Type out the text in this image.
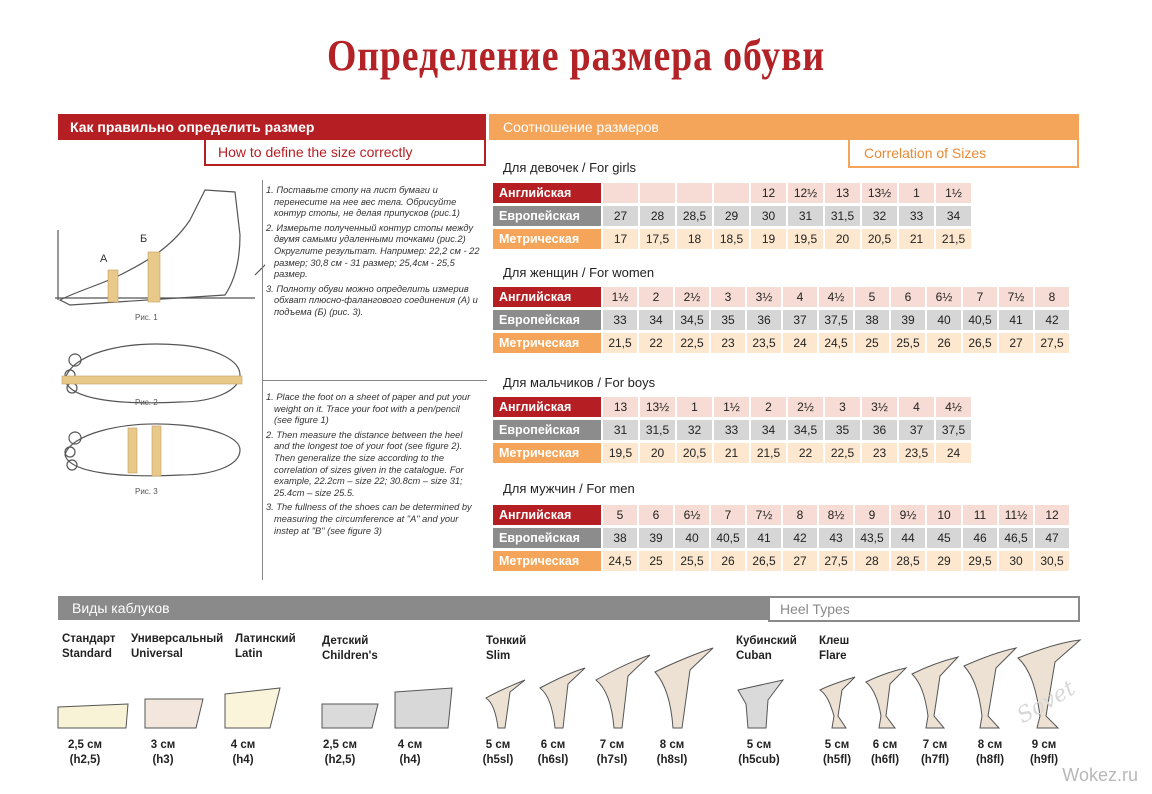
Определение размера обуви
Как правильно определить размер
How to define the size correctly
Соотношение размеров
Correlation of Sizes
А
Б
Рис. 1
Рис. 2
Рис. 3
1. Поставьте стопу на лист бумаги и перенесите на нее вес тела. Обрисуйте контур стопы, не делая припусков (рис.1)
2. Измерьте полученный контур стопы между двумя самыми удаленными точками (рис.2) Округлите результат. Например: 22,2 см - 22 размер; 30,8 см - 31 размер; 25,4см - 25,5 размер.
3. Полноту обуви можно определить измерив обхват плюсно-фалангового соединения (А) и подъема (Б) (рис. 3).
1. Place the foot on a sheet of paper and put your weight on it. Trace your foot with a pen/pencil (see figure 1)
2. Then measure the distance between the heel and the longest toe of your foot (see figure 2). Then generalize the size according to the correlation of sizes given in the catalogue. For example, 22.2cm – size 22; 30.8cm – size 31; 25.4cm – size 25.5.
3. The fullness of the shoes can be determined by measuring the circumference at "A" and your instep at "B" (see figure 3)
Для девочек / For girls
Английская					12	12½	13	13½	1	1½
Европейская	27	28	28,5	29	30	31	31,5	32	33	34
Метрическая	17	17,5	18	18,5	19	19,5	20	20,5	21	21,5
Для женщин / For women
Английская	1½	2	2½	3	3½	4	4½	5	6	6½	7	7½	8
Европейская	33	34	34,5	35	36	37	37,5	38	39	40	40,5	41	42
Метрическая	21,5	22	22,5	23	23,5	24	24,5	25	25,5	26	26,5	27	27,5
Для мальчиков / For boys
Английская	13	13½	1	1½	2	2½	3	3½	4	4½
Европейская	31	31,5	32	33	34	34,5	35	36	37	37,5
Метрическая	19,5	20	20,5	21	21,5	22	22,5	23	23,5	24
Для мужчин / For men
Английская	5	6	6½	7	7½	8	8½	9	9½	10	11	11½	12
Европейская	38	39	40	40,5	41	42	43	43,5	44	45	46	46,5	47
Метрическая	24,5	25	25,5	26	26,5	27	27,5	28	28,5	29	29,5	30	30,5
Виды каблуков	Heel Types
Стандарт
Standard
Универсальный
Universal
Латинский
Latin
Детский
Children's
Тонкий
Slim
Кубинский
Cuban
Клеш
Flare
2,5 см
(h2,5)
3 см
(h3)
4 см
(h4)
2,5 см
(h2,5)
4 см
(h4)
5 см
(h5sl)
6 см
(h6sl)
7 см
(h7sl)
8 см
(h8sl)
5 см
(h5cub)
5 см
(h5fl)
6 см
(h6fl)
7 см
(h7fl)
8 см
(h8fl)
9 см
(h9fl)
Sovet
Wokez.ru
